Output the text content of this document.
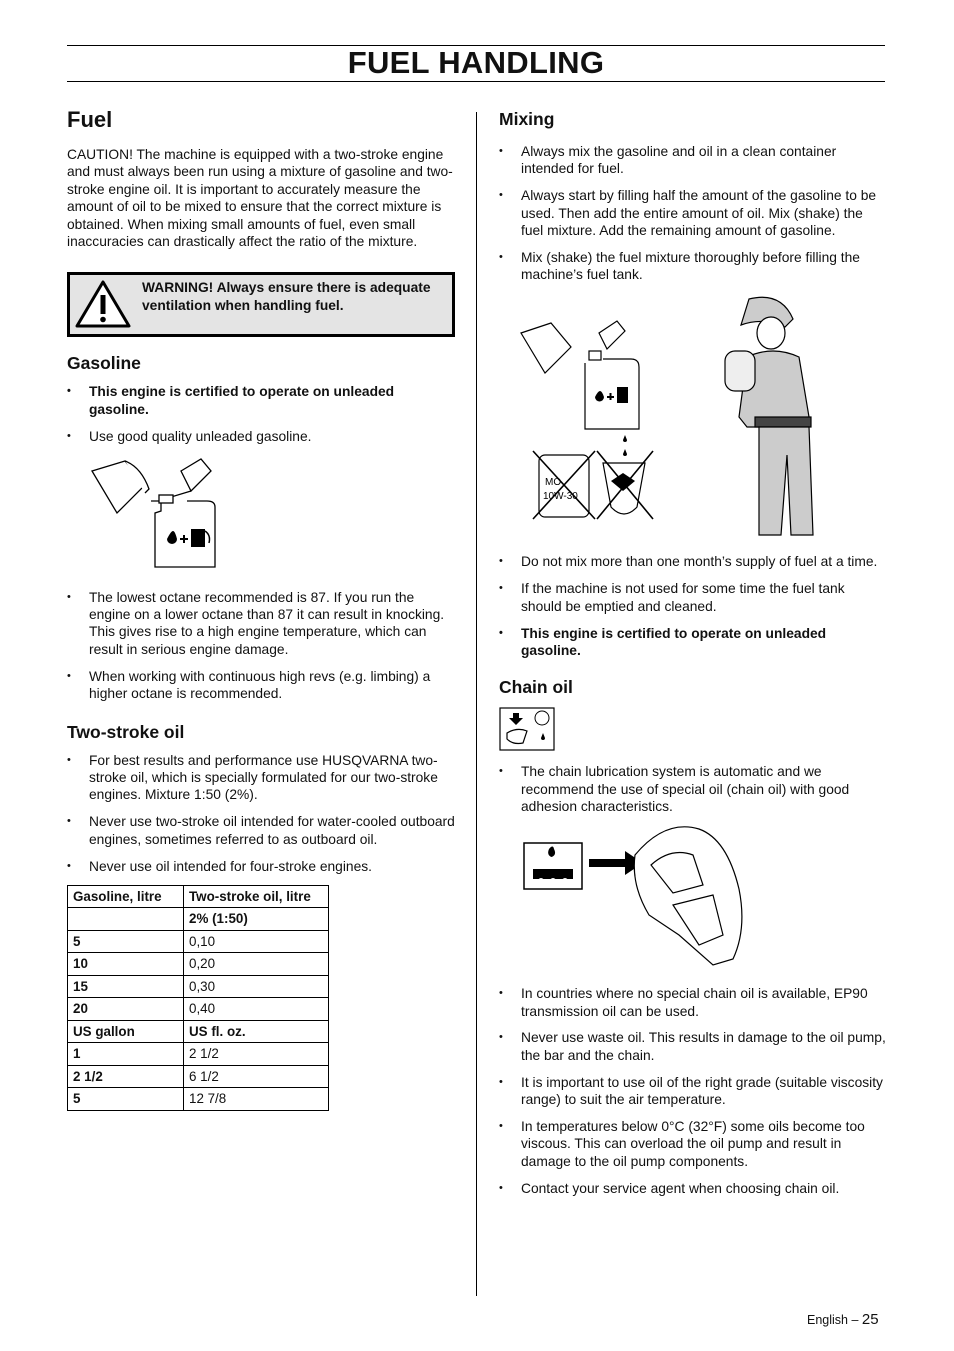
FUEL HANDLING
Fuel

CAUTION! The machine is equipped with a two-stroke engine and must always been run using a mixture of gasoline and two-stroke engine oil. It is important to accurately measure the amount of oil to be mixed to ensure that the correct mixture is obtained. When mixing small amounts of fuel, even small inaccuracies can drastically affect the ratio of the mixture.

WARNING! Always ensure there is adequate ventilation when handling fuel.
Gasoline
• This engine is certified to operate on unleaded gasoline.
• Use good quality unleaded gasoline.
• The lowest octane recommended is 87. If you run the engine on a lower octane than 87 it can result in knocking. This gives rise to a high engine temperature, which can result in serious engine damage.
• When working with continuous high revs (e.g. limbing) a higher octane is recommended.
Two-stroke oil
• For best results and performance use HUSQVARNA two-stroke oil, which is specially formulated for our two-stroke engines. Mixture 1:50 (2%).
• Never use two-stroke oil intended for water-cooled outboard engines, sometimes referred to as outboard oil.
• Never use oil intended for four-stroke engines.
Gasoline, litre	Two-stroke oil, litre
	2% (1:50)
5	0,10
10	0,20
15	0,30
20	0,40
US gallon	US fl. oz.
1	2 1/2
2 1/2	6 1/2
5	12 7/8
Mixing
• Always mix the gasoline and oil in a clean container intended for fuel.
• Always start by filling half the amount of the gasoline to be used. Then add the entire amount of oil. Mix (shake) the fuel mixture. Add the remaining amount of gasoline.
• Mix (shake) the fuel mixture thoroughly before filling the machine’s fuel tank.
MO
10W-30
• Do not mix more than one month’s supply of fuel at a time.
• If the machine is not used for some time the fuel tank should be emptied and cleaned.
• This engine is certified to operate on unleaded gasoline.
Chain oil
• The chain lubrication system is automatic and we recommend the use of special oil (chain oil) with good adhesion characteristics.
• In countries where no special chain oil is available, EP90 transmission oil can be used.
• Never use waste oil. This results in damage to the oil pump, the bar and the chain.
• It is important to use oil of the right grade (suitable viscosity range) to suit the air temperature.
• In temperatures below 0°C (32°F) some oils become too viscous. This can overload the oil pump and result in damage to the oil pump components.
• Contact your service agent when choosing chain oil.
English – 25
